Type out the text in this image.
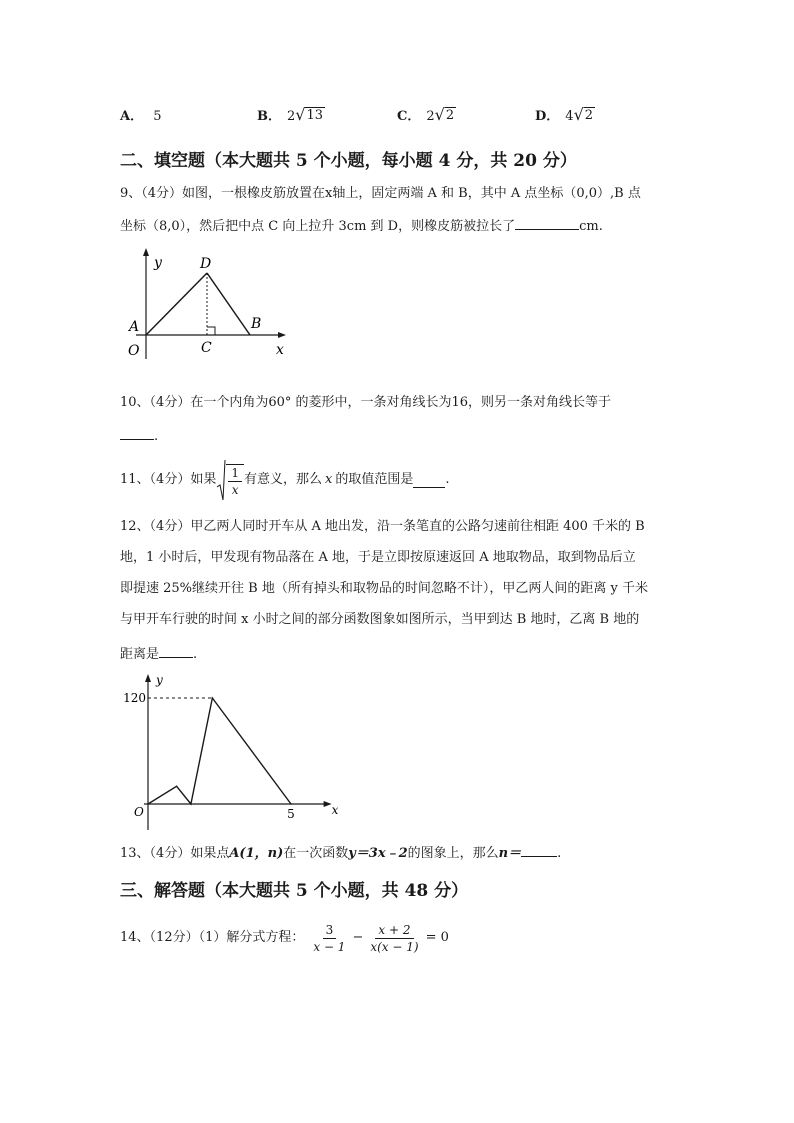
A． 5	B． 2 √ 13	C． 2 √ 2	D． 4 √ 2
二、填空题（本大题共 5 个小题，每小题 4 分，共 20 分）
9、（4分）如图，一根橡皮筋放置在x轴上，固定两端 A 和 B，其中 A 点坐标（0,0）,B 点
坐标（8,0），然后把中点 C 向上拉升 3cm 到 D，则橡皮筋被拉长了	cm.
y
x
O
A	B
C
D
10、（4分）在一个内角为60° 的菱形中，一条对角线长为16，则另一条对角线长等于
.
11、（4分）如果 $\frac{1}{x}$ 有意义，那么 x 的取值范围是 .
12、（4分）甲乙两人同时开车从 A 地出发，沿一条笔直的公路匀速前往相距 400 千米的 B
地，1 小时后，甲发现有物品落在 A 地，于是立即按原速返回 A 地取物品，取到物品后立
即提速 25%继续开往 B 地（所有掉头和取物品的时间忽略不计），甲乙两人间的距离 y 千米
与甲开车行驶的时间 x 小时之间的部分函数图象如图所示，当甲到达 B 地时，乙离 B 地的
距离是	.
y
x
O
120
5
13、（4分）如果点A(1，n)在一次函数y＝3x﹣2的图象上，那么n＝	.
三、解答题（本大题共 5 个小题，共 48 分）
14、（12分）（1）解分式方程： $\frac{3}{x - 1} - \frac{x + 2}{x(x - 1)} = 0$
